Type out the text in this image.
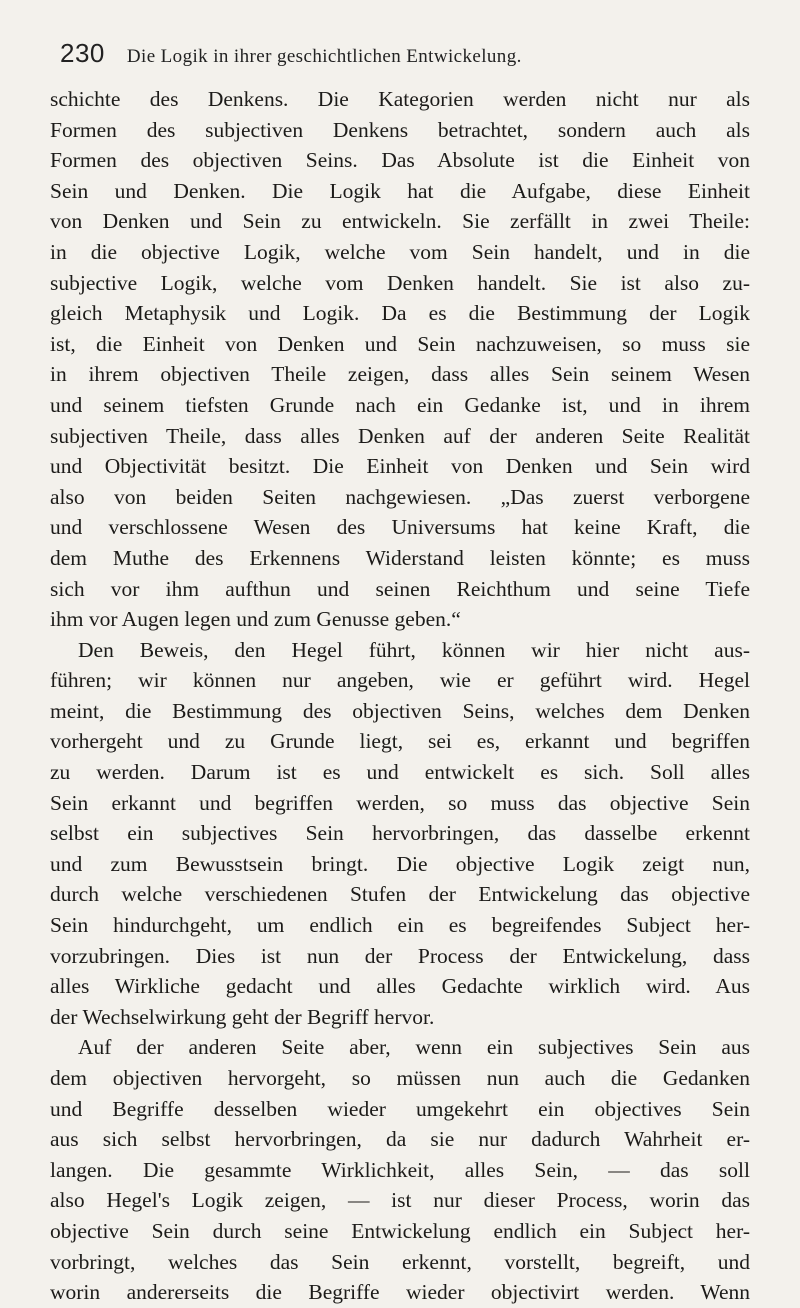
230 Die Logik in ihrer geschichtlichen Entwickelung.
schichte des Denkens. Die Kategorien werden nicht nur als
Formen des subjectiven Denkens betrachtet, sondern auch als
Formen des objectiven Seins. Das Absolute ist die Einheit von
Sein und Denken. Die Logik hat die Aufgabe, diese Einheit
von Denken und Sein zu entwickeln. Sie zerfällt in zwei Theile:
in die objective Logik, welche vom Sein handelt, und in die
subjective Logik, welche vom Denken handelt. Sie ist also zu-
gleich Metaphysik und Logik. Da es die Bestimmung der Logik
ist, die Einheit von Denken und Sein nachzuweisen, so muss sie
in ihrem objectiven Theile zeigen, dass alles Sein seinem Wesen
und seinem tiefsten Grunde nach ein Gedanke ist, und in ihrem
subjectiven Theile, dass alles Denken auf der anderen Seite Realität
und Objectivität besitzt. Die Einheit von Denken und Sein wird
also von beiden Seiten nachgewiesen. „Das zuerst verborgene
und verschlossene Wesen des Universums hat keine Kraft, die
dem Muthe des Erkennens Widerstand leisten könnte; es muss
sich vor ihm aufthun und seinen Reichthum und seine Tiefe
ihm vor Augen legen und zum Genusse geben.“
Den Beweis, den Hegel führt, können wir hier nicht aus-
führen; wir können nur angeben, wie er geführt wird. Hegel
meint, die Bestimmung des objectiven Seins, welches dem Denken
vorhergeht und zu Grunde liegt, sei es, erkannt und begriffen
zu werden. Darum ist es und entwickelt es sich. Soll alles
Sein erkannt und begriffen werden, so muss das objective Sein
selbst ein subjectives Sein hervorbringen, das dasselbe erkennt
und zum Bewusstsein bringt. Die objective Logik zeigt nun,
durch welche verschiedenen Stufen der Entwickelung das objective
Sein hindurchgeht, um endlich ein es begreifendes Subject her-
vorzubringen. Dies ist nun der Process der Entwickelung, dass
alles Wirkliche gedacht und alles Gedachte wirklich wird. Aus
der Wechselwirkung geht der Begriff hervor.
Auf der anderen Seite aber, wenn ein subjectives Sein aus
dem objectiven hervorgeht, so müssen nun auch die Gedanken
und Begriffe desselben wieder umgekehrt ein objectives Sein
aus sich selbst hervorbringen, da sie nur dadurch Wahrheit er-
langen. Die gesammte Wirklichkeit, alles Sein, — das soll
also Hegel's Logik zeigen, — ist nur dieser Process, worin das
objective Sein durch seine Entwickelung endlich ein Subject her-
vorbringt, welches das Sein erkennt, vorstellt, begreift, und
worin andererseits die Begriffe wieder objectivirt werden. Wenn
